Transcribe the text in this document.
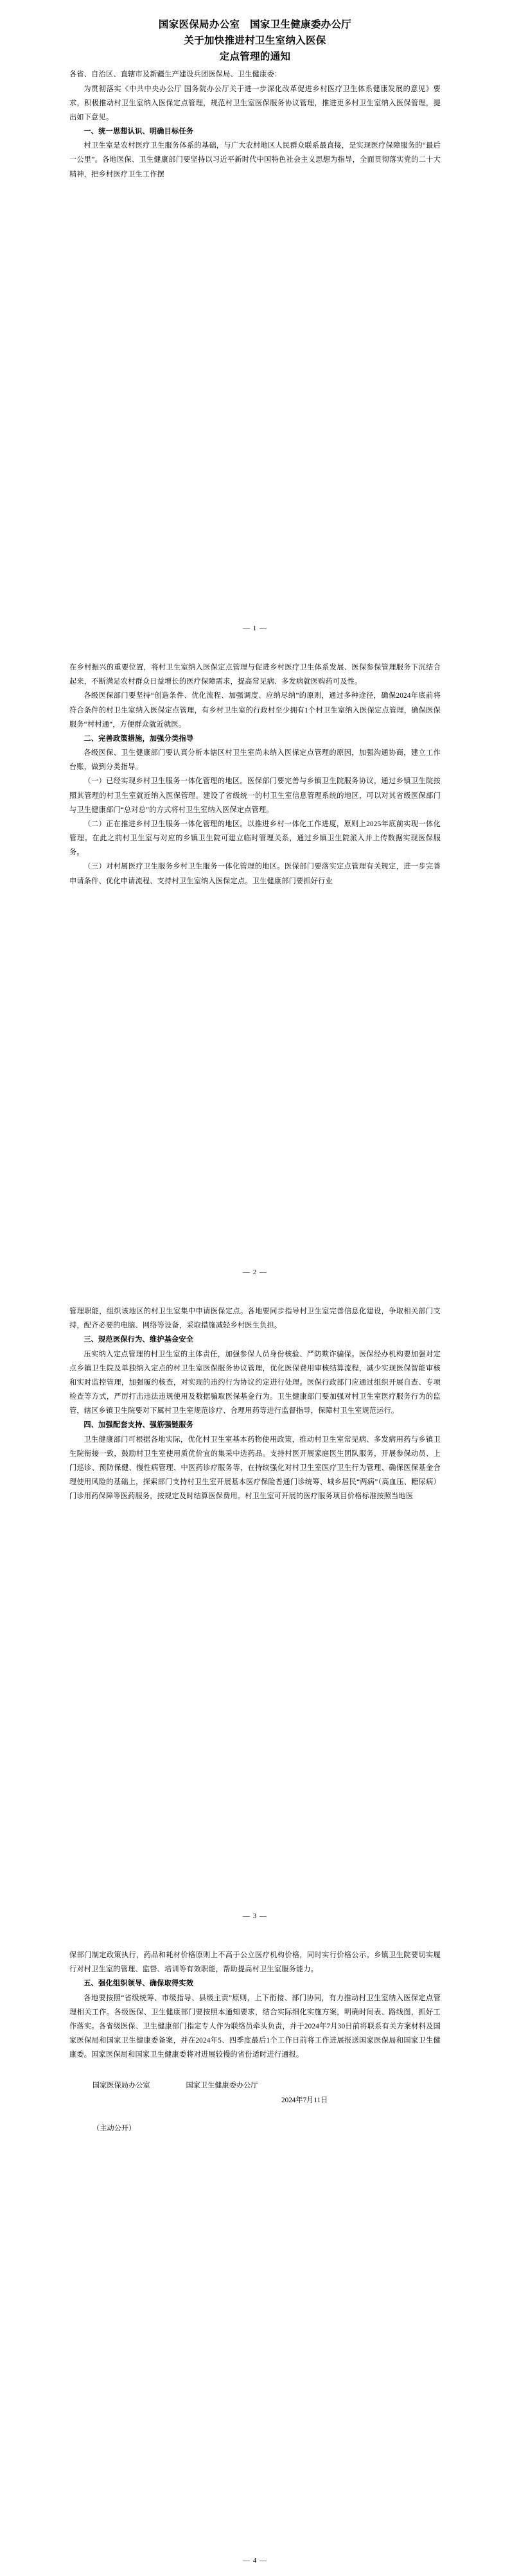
国家医保局办公室　国家卫生健康委办公厅
关于加快推进村卫生室纳入医保
定点管理的通知

各省、自治区、直辖市及新疆生产建设兵团医保局、卫生健康委：

为贯彻落实《中共中央办公厅 国务院办公厅关于进一步深化改革促进乡村医疗卫生体系健康发展的意见》要求，积极推动村卫生室纳入医保定点管理，规范村卫生室医保服务协议管理，推进更多村卫生室纳入医保管理，提出如下意见。

一、统一思想认识、明确目标任务

村卫生室是农村医疗卫生服务体系的基础，与广大农村地区人民群众联系最直接，是实现医疗保障服务的“最后一公里”。各地医保、卫生健康部门要坚持以习近平新时代中国特色社会主义思想为指导，全面贯彻落实党的二十大精神，把乡村医疗卫生工作摆

— 1 —

在乡村振兴的重要位置，将村卫生室纳入医保定点管理与促进乡村医疗卫生体系发展、医保参保管理服务下沉结合起来，不断满足农村群众日益增长的医疗保障需求，提高常见病、多发病就医购药可及性。

各级医保部门要坚持“创造条件、优化流程、加强调度、应纳尽纳”的原则，通过多种途径，确保2024年底前将符合条件的村卫生室纳入医保定点管理，有乡村卫生室的行政村至少拥有1个村卫生室纳入医保定点管理，确保医保服务“村村通”，方便群众就近就医。

二、完善政策措施，加强分类指导

各级医保、卫生健康部门要认真分析本辖区村卫生室尚未纳入医保定点管理的原因，加强沟通协商，建立工作台账，做到分类指导。

（一）已经实现乡村卫生服务一体化管理的地区。医保部门要完善与乡镇卫生院服务协议，通过乡镇卫生院按照其管理的村卫生室就近纳入医保管理。建设了省级统一的村卫生室信息管理系统的地区，可以对其省级医保部门与卫生健康部门“总对总”的方式将村卫生室纳入医保定点管理。

（二）正在推进乡村卫生服务一体化管理的地区。以推进乡村一体化工作进度，原则上2025年底前实现一体化管理。在此之前村卫生室与对应的乡镇卫生院可建立临时管理关系，通过乡镇卫生院派入并上传数据实现医保服务。

（三）对村属医疗卫生服务乡村卫生服务一体化管理的地区。医保部门要落实定点管理有关规定，进一步完善申请条件、优化申请流程、支持村卫生室纳入医保定点。卫生健康部门要抓好行业

— 2 —

管理职能，组织该地区的村卫生室集中申请医保定点。各地要同步指导村卫生室完善信息化建设，争取相关部门支持，配齐必要的电脑、网络等设备，采取措施减轻乡村医生负担。

三、规范医保行为、维护基金安全

压实纳入定点管理的村卫生室的主体责任，加强参保人员身份核验、严防欺诈骗保。医保经办机构要加强对定点乡镇卫生院及单独纳入定点的村卫生室医保服务协议管理，优化医保费用审核结算流程，减少实现医保智能审核和实时监控管理，加强履约核查，对实现的违约行为协议约定进行处理。医保行政部门应通过组织开展自查、专项检查等方式，严厉打击违法违规使用及数据骗取医保基金行为。卫生健康部门要加强对村卫生室医疗服务行为的监管，辖区乡镇卫生院要对下属村卫生室规范诊疗、合理用药等进行监督指导，保障村卫生室规范运行。

四、加强配套支持、强筋强链服务

卫生健康部门可根据各地实际，优化村卫生室基本药物使用政策，推动村卫生室常见病、多发病用药与乡镇卫生院衔接一致，鼓励村卫生室使用质优价宜的集采中选药品。支持村医开展家庭医生团队服务，开展参保动员、上门巡诊、预防保健、慢性病管理、中医药诊疗服务等，在持续强化对村卫生室医疗卫生行为管理、确保医保基金合理使用风险的基础上，探索部门支持村卫生室开展基本医疗保险普通门诊统筹、城乡居民“两病”（高血压、糖尿病）门诊用药保障等医药服务，按规定及时结算医保费用。村卫生室可开展的医疗服务项目价格标准按照当地医

— 3 —

保部门制定政策执行，药品和耗材价格原则上不高于公立医疗机构价格，同时实行价格公示。乡镇卫生院要切实履行对村卫生室的管理、监督、培训等有效职能，帮助提高村卫生室服务能力。

五、强化组织领导、确保取得实效

各地要按照“省级统筹、市级指导、县级主责”原则，上下衔接、部门协同，有力推动村卫生室纳入医保定点管理相关工作。各级医保、卫生健康部门要按照本通知要求，结合实际细化实施方案，明确时间表、路线图，抓好工作落实。各省级医保、卫生健康部门指定专人作为联络员牵头负责，并于2024年7月30日前将联系有关方案材料及国家医保局和国家卫生健康委备案，并在2024年5、四季度最后1个工作日前将工作进展报送国家医保局和国家卫生健康委。国家医保局和国家卫生健康委将对进展较慢的省份适时进行通报。

国家医保局办公室	国家卫生健康委办公厅
2024年7月11日
（主动公开）
— 4 —
